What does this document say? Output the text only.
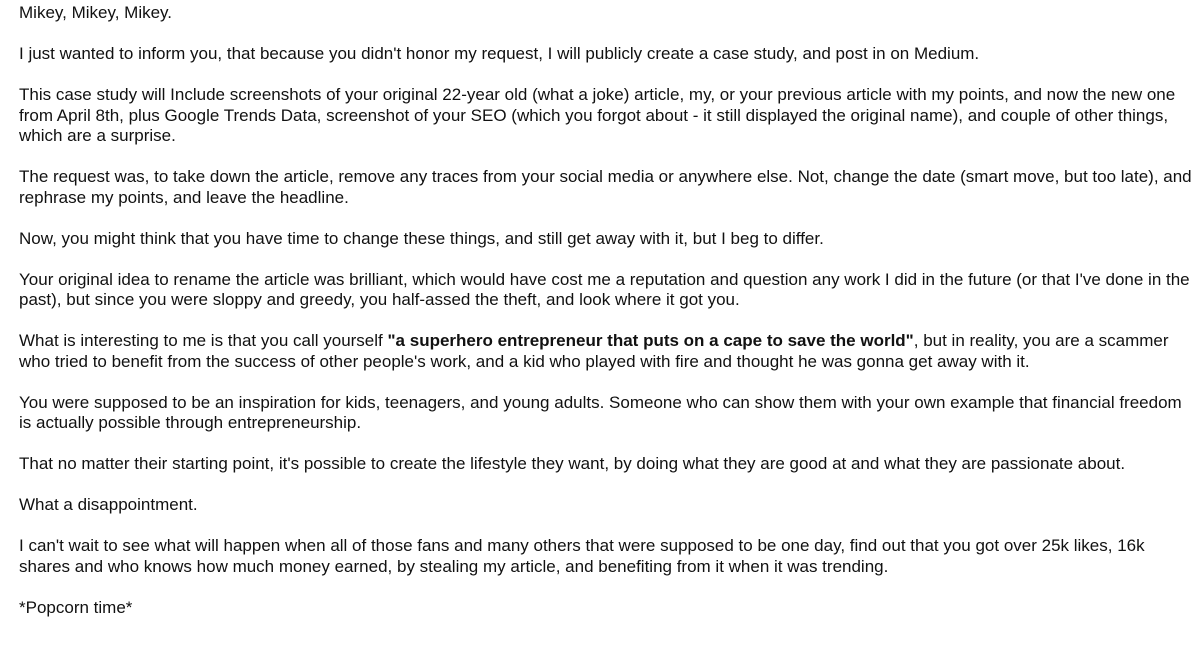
Mikey, Mikey, Mikey.

I just wanted to inform you, that because you didn't honor my request, I will publicly create a case study, and post in on Medium.

This case study will Include screenshots of your original 22-year old (what a joke) article, my, or your previous article with my points, and now the new one from April 8th, plus Google Trends Data, screenshot of your SEO (which you forgot about - it still displayed the original name), and couple of other things, which are a surprise.

The request was, to take down the article, remove any traces from your social media or anywhere else. Not, change the date (smart move, but too late), and rephrase my points, and leave the headline.

Now, you might think that you have time to change these things, and still get away with it, but I beg to differ.

Your original idea to rename the article was brilliant, which would have cost me a reputation and question any work I did in the future (or that I've done in the past), but since you were sloppy and greedy, you half-assed the theft, and look where it got you.

What is interesting to me is that you call yourself "a superhero entrepreneur that puts on a cape to save the world", but in reality, you are a scammer who tried to benefit from the success of other people's work, and a kid who played with fire and thought he was gonna get away with it.

You were supposed to be an inspiration for kids, teenagers, and young adults. Someone who can show them with your own example that financial freedom is actually possible through entrepreneurship.

That no matter their starting point, it's possible to create the lifestyle they want, by doing what they are good at and what they are passionate about.

What a disappointment.

I can't wait to see what will happen when all of those fans and many others that were supposed to be one day, find out that you got over 25k likes, 16k shares and who knows how much money earned, by stealing my article, and benefiting from it when it was trending.

*Popcorn time*
